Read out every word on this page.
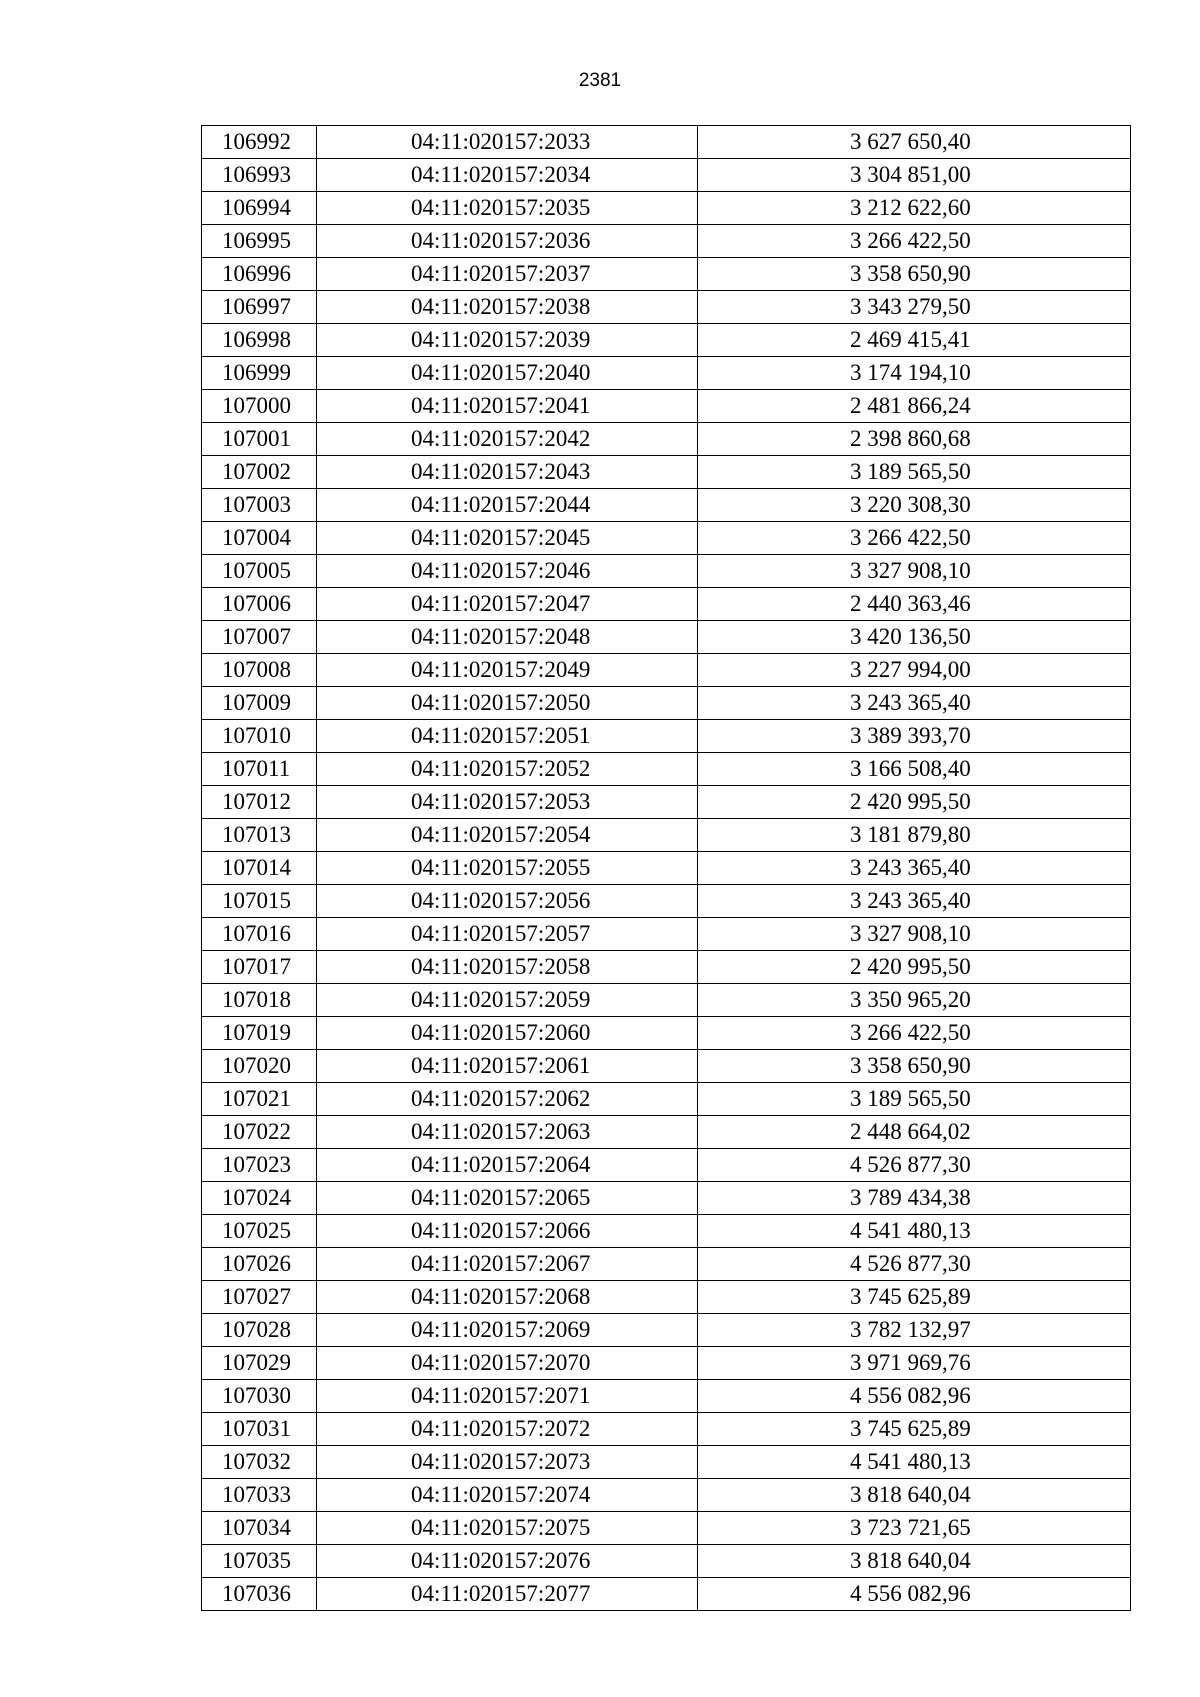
2381
106992	04:11:020157:2033	3 627 650,40
106993	04:11:020157:2034	3 304 851,00
106994	04:11:020157:2035	3 212 622,60
106995	04:11:020157:2036	3 266 422,50
106996	04:11:020157:2037	3 358 650,90
106997	04:11:020157:2038	3 343 279,50
106998	04:11:020157:2039	2 469 415,41
106999	04:11:020157:2040	3 174 194,10
107000	04:11:020157:2041	2 481 866,24
107001	04:11:020157:2042	2 398 860,68
107002	04:11:020157:2043	3 189 565,50
107003	04:11:020157:2044	3 220 308,30
107004	04:11:020157:2045	3 266 422,50
107005	04:11:020157:2046	3 327 908,10
107006	04:11:020157:2047	2 440 363,46
107007	04:11:020157:2048	3 420 136,50
107008	04:11:020157:2049	3 227 994,00
107009	04:11:020157:2050	3 243 365,40
107010	04:11:020157:2051	3 389 393,70
107011	04:11:020157:2052	3 166 508,40
107012	04:11:020157:2053	2 420 995,50
107013	04:11:020157:2054	3 181 879,80
107014	04:11:020157:2055	3 243 365,40
107015	04:11:020157:2056	3 243 365,40
107016	04:11:020157:2057	3 327 908,10
107017	04:11:020157:2058	2 420 995,50
107018	04:11:020157:2059	3 350 965,20
107019	04:11:020157:2060	3 266 422,50
107020	04:11:020157:2061	3 358 650,90
107021	04:11:020157:2062	3 189 565,50
107022	04:11:020157:2063	2 448 664,02
107023	04:11:020157:2064	4 526 877,30
107024	04:11:020157:2065	3 789 434,38
107025	04:11:020157:2066	4 541 480,13
107026	04:11:020157:2067	4 526 877,30
107027	04:11:020157:2068	3 745 625,89
107028	04:11:020157:2069	3 782 132,97
107029	04:11:020157:2070	3 971 969,76
107030	04:11:020157:2071	4 556 082,96
107031	04:11:020157:2072	3 745 625,89
107032	04:11:020157:2073	4 541 480,13
107033	04:11:020157:2074	3 818 640,04
107034	04:11:020157:2075	3 723 721,65
107035	04:11:020157:2076	3 818 640,04
107036	04:11:020157:2077	4 556 082,96
